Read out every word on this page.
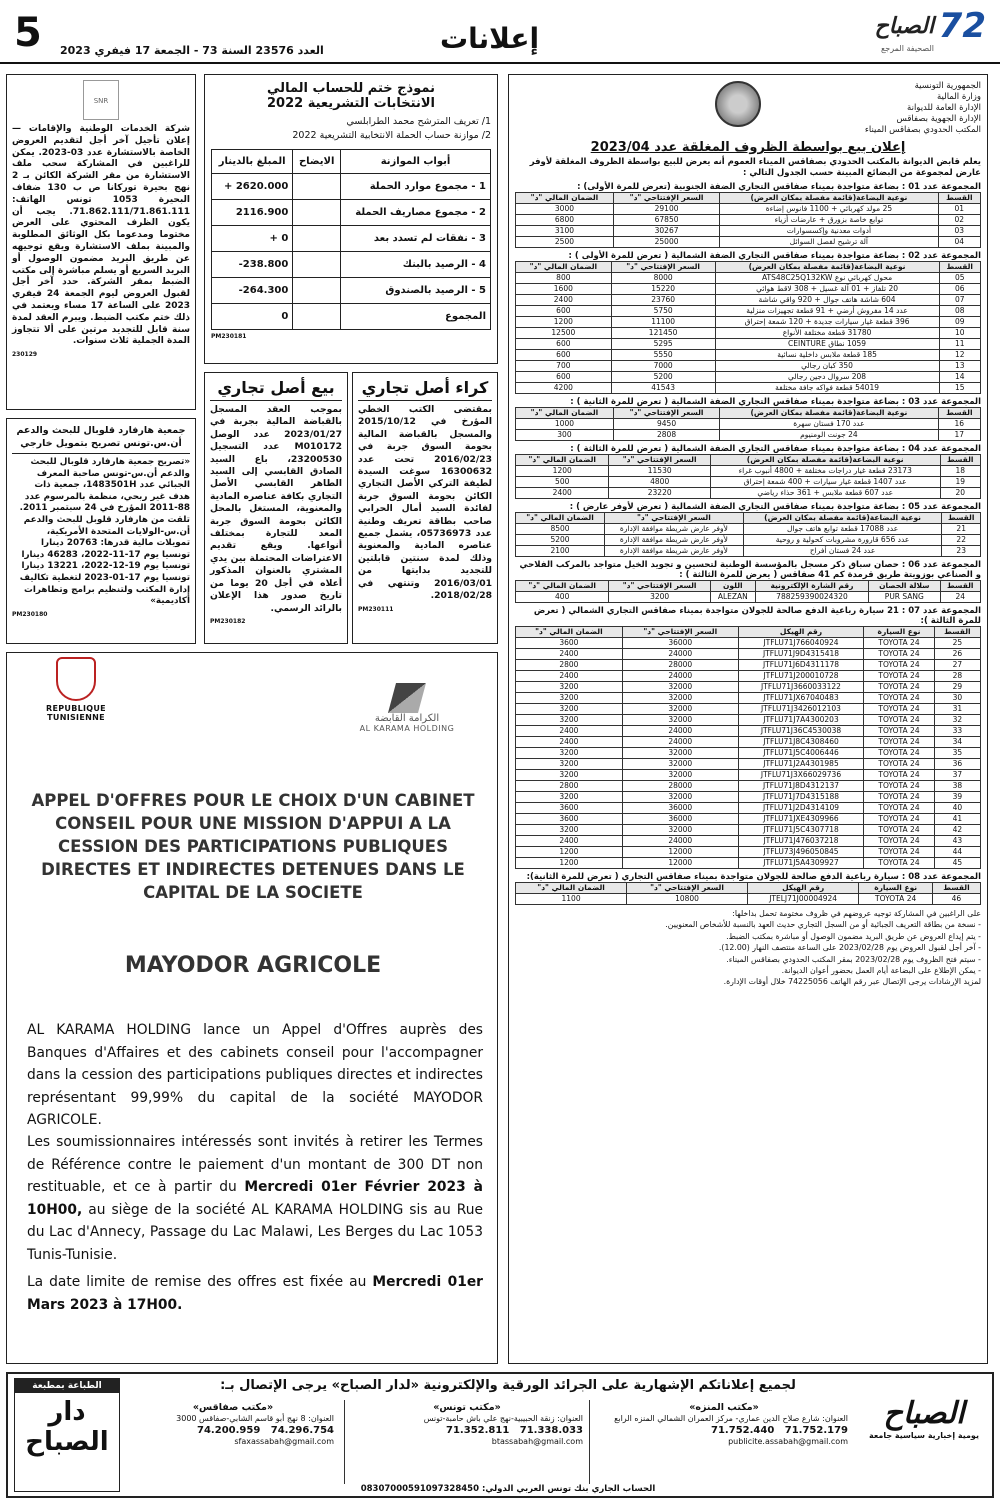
5 العدد 23576 السنة 73 - الجمعة 17 فيفري 2023	إعلانات	72
الصباح
الصحيفة المرجع
الجمهورية التونسية
وزارة المالية
الإدارة العامة للديوانة
الإدارة الجهوية بصفاقس
المكتب الحدودي بصفاقس الميناء
إعلان بيع بواسطة الظروف المغلقة عدد 2023/04
يعلم قابض الديوانة بالمكتب الحدودي بصفاقس الميناء العموم أنه يعرض للبيع بواسطة الظروف المغلقة لأوفر عارض لمجموعة من البضائع المبينة حسب الجدول التالي :
المجموعة عدد 01 : بضاعة متواجدة بميناء صفاقس التجاري الضفة الجنوبية (تعرض للمرة الأولى) :
القسط	نوعية البضاعة(قائمة مفصلة بمكان العرض)	السعر الإفتتاحي "د"	الضمان المالي "د"
01	25 مولد كهربائي + 1100 فانوس إضاءة	29100	3000
02	توابع خاصة بزورق + عارضات أزياء	67850	6800
03	أدوات معدنية وإكسسوارات	30267	3100
04	آلة ترشيح لفصل السوائل	25000	2500
المجموعة عدد 02 : بضاعة متواجدة بميناء صفاقس التجاري الضفة الشمالية ( تعرض للمرة الأولى ) :
القسط	نوعية البضاعة(قائمة مفصلة بمكان العرض)	السعر الإفتتاحي "د"	الضمان المالي "د"
05	محول كهربائي نوع ATS48C25Q132KW	8000	800
06	20 تلفاز + 01 آلة غسيل + 308 لاقط هوائي	15220	1600
07	604 شاشة هاتف جوال + 920 واقي شاشة	23760	2400
08	عدد 14 مفروش أرضي + 91 قطعة تجهيزات منزلية	5750	600
09	396 قطعة غيار سيارات جديدة + 120 شمعة إحتراق	11100	1200
10	31780 قطعة مختلفة الأنواع	121450	12500
11	1059 نطاق CEINTURE	5295	600
12	185 قطعة ملابس داخلية نسائية	5550	600
13	350 كبان رجالي	7000	700
14	208 سروال دجين رجالي	5200	600
15	54019 قطعة فواكه جافة مختلفة	41543	4200
المجموعة عدد 03 : بضاعة متواجدة بميناء صفاقس التجاري الضفة الشمالية ( تعرض للمرة الثانية ) :
القسط	نوعية البضاعة(قائمة مفصلة بمكان العرض)	السعر الإفتتاحي "د"	الضمان المالي "د"
16	عدد 170 فستان سهرة	9450	1000
17	24 جونت الومنيوم	2808	300
المجموعة عدد 04 : بضاعة متواجدة بميناء صفاقس التجاري الضفة الشمالية ( تعرض للمرة الثالثة ) :
القسط	نوعية البضاعة(قائمة مفصلة بمكان العرض)	السعر الإفتتاحي "د"	الضمان المالي "د"
18	23173 قطعة غيار دراجات مختلفة + 4800 أنبوب غراء	11530	1200
19	عدد 1407 قطعة غيار سيارات + 400 شمعة إحتراق	4800	500
20	عدد 607 قطعة ملابس + 361 حذاء رياضي	23220	2400
المجموعة عدد 05 : بضاعة متواجدة بميناء صفاقس التجاري الضفة الشمالية ( تعرض لأوفر عارض ) :
القسط	نوعية البضاعة(قائمة مفصلة بمكان العرض)	السعر الإفتتاحي "د"	الضمان المالي "د"
21	عدد 17088 قطعة توابع هاتف جوال	لأوفر عارض شريطة موافقة الإدارة	8500
22	عدد 656 قارورة مشروبات كحولية و روحية	لأوفر عارض شريطة موافقة الإدارة	5200
23	عدد 24 فستان أفراح	لأوفر عارض شريطة موافقة الإدارة	2100
المجموعة عدد 06 : حصان سباق ذكر مسجل بالمؤسسة الوطنية لتحسين و تجويد الخيل متواجد بالمركب الفلاحي و الصناعي بوزويتة طريق قرمدة كم 41 صفاقس ( يعرض للمرة الثالثة ) :
القسط	سلالة الحصان	رقم الشارة الإلكترونية	اللون	السعر الإفتتاحي "د"	الضمان المالي "د"
24	PUR SANG	788259390024320	ALEZAN	3200	400
المجموعة عدد 07 : 21 سيارة رباعية الدفع صالحة للجولان متواجدة بميناء صفاقس التجاري الشمالي ( تعرض للمرة الثالثة ):
القسط	نوع السيارة	رقم الهيكل	السعر الإفتتاحي "د"	الضمان المالي "د"
25	TOYOTA 24	JTFLU71J766040924	36000	3600
26	TOYOTA 24	JTFLU71J9D4315418	24000	2400
27	TOYOTA 24	JTFLU71J6D4311178	28000	2800
28	TOYOTA 24	JTFLU71J200010728	24000	2400
29	TOYOTA 24	JTFLU71J3660033122	32000	3200
30	TOYOTA 24	JTFLU71JX67040483	32000	3200
31	TOYOTA 24	JTFLU71J3426012103	32000	3200
32	TOYOTA 24	JTFLU71J7A4300203	32000	3200
33	TOYOTA 24	JTFLU71J36C4530038	24000	2400
34	TOYOTA 24	JTFLU71J8C4308460	24000	2400
35	TOYOTA 24	JTFLU71J5C4006446	32000	3200
36	TOYOTA 24	JTFLU71J2A4301985	32000	3200
37	TOYOTA 24	JTFLU71J3X66029736	32000	3200
38	TOYOTA 24	JTFLU71J8D4312137	28000	2800
39	TOYOTA 24	JTFLU71J7D4315188	32000	3200
40	TOYOTA 24	JTFLU71J2D4314109	36000	3600
41	TOYOTA 24	JTFLU71JXE4309966	36000	3600
42	TOYOTA 24	JTFLU71J5C4307718	32000	3200
43	TOYOTA 24	JTFLU71J476037218	24000	2400
44	TOYOTA 24	JTFLU73J496050845	12000	1200
45	TOYOTA 24	JTFLU71J5A4309927	12000	1200
المجموعة عدد 08 : سيارة رباعية الدفع صالحة للجولان متواجدة بميناء صفاقس التجاري ( تعرض للمرة الثانية):
القسط	نوع السيارة	رقم الهيكل	السعر الإفتتاحي "د"	الضمان المالي "د"
46	TOYOTA 24	JTELJ71J00004924	10800	1100

على الراغبين في المشاركة توجيه عروضهم في ظروف مختومة تحمل بداخلها:

- نسخة من بطاقة التعريف الجبائية أو من السجل التجاري حديث العهد بالنسبة للأشخاص المعنويين.

- يتم إيداع العروض عن طريق البريد مضمون الوصول أو مباشرة بمكتب الضبط.

- آخر أجل لقبول العروض يوم 2023/02/28 على الساعة منتصف النهار (12.00).

- سيتم فتح الظروف يوم 2023/02/28 بمقر المكتب الحدودي بصفاقس الميناء.

- يمكن الإطلاع على البضاعة أيام العمل بحضور أعوان الديوانة.

لمزيد الإرشادات يرجى الإتصال عبر رقم الهاتف 74225056 خلال أوقات الإدارة.

نموذج ختم للحساب المالي
الانتخابات التشريعية 2022
1/ تعريف المترشح محمد الطرابلسي
2/ موازنة حساب الحملة الانتخابية التشريعية 2022
أبواب الموازنة	الايضاح	المبلغ بالدينار
1 - مجموع موارد الحملة		2620.000 +
2 - مجموع مصاريف الحملة		2116.900
3 - نفقات لم تسدد بعد		0 +
4 - الرصيد بالبنك		238.800-
5 - الرصيد بالصندوق		264.300-
المجموع		0
PM230181
كراء أصل تجاري
بمقتضى الكتب الخطي المؤرخ في 2015/10/12 والمسجل بالقباضة المالية بحومة السوق جربة في 2016/02/23 تحت عدد 16300632 سوغت السيدة لطيفة التركي الأصل التجاري الكائن بحومة السوق جربة لفائدة السيد أمال الحرابي صاحب بطاقة تعريف وطنية عدد 05736973، يشمل جميع عناصره المادية والمعنوية وذلك لمدة سنتين قابلتين للتجديد بدايتها من 2016/03/01 وتنتهي في 2018/02/28.
PM230111
بيع أصل تجاري
بموجب العقد المسجل بالقباضة المالية بجربة في 2023/01/27 عدد الوصل M010172 عدد التسجيل 23200530، باع السيد الصادق القابسي إلى السيد الطاهر القابسي الأصل التجاري بكافة عناصره المادية والمعنوية، المستغل بالمحل الكائن بحومة السوق جربة المعد للتجارة بمختلف أنواعها. ويقع تقديم الاعتراضات المحتملة بين يدي المشتري بالعنوان المذكور أعلاه في أجل 20 يوما من تاريخ صدور هذا الإعلان بالرائد الرسمي.
PM230182
SNR
شركة الخدمات الوطنية والإقامات — إعلان تأجيل آخر أجل لتقديم العروض الخاصة بالاستشارة عدد 03-2023. يمكن للراغبين في المشاركة سحب ملف الاستشارة من مقر الشركة الكائن بـ 2 نهج بحيرة توركانا ص ب 130 ضفاف البحيرة 1053 تونس الهاتف: 71.862.111/71.861.111. يجب أن يكون الظرف المحتوي على العرض مختوما ومدعوما بكل الوثائق المطلوبة والمبينة بملف الاستشارة ويقع توجيهه عن طريق البريد مضمون الوصول أو البريد السريع أو يسلم مباشرة إلى مكتب الضبط بمقر الشركة. حدد آخر أجل لقبول العروض ليوم الجمعة 24 فيفري 2023 على الساعة 17 مساء ويعتمد في ذلك ختم مكتب الضبط. ويبرم العقد لمدة سنة قابل للتجديد مرتين على ألا تتجاوز المدة الجملية ثلاث سنوات.
230129
جمعية هارفارد قلوبال للبحث والدعم أن.س.تونس تصريح بتمويل خارجي
«تصريح جمعية هارفارد قلوبال للبحث والدعم أن.س-تونس صاحبة المعرف الجبائي عدد 1483501H، جمعية ذات هدف غير ربحي، منظمة بالمرسوم عدد 88-2011 المؤرخ في 24 سبتمبر 2011. تلقت من هارفارد قلوبل للبحث والدعم أن.س-الولايات المتحدة الأمريكية، تمويلات مالية قدرها: 20763 دينارا تونسيا يوم 17-11-2022، 46283 دينارا تونسيا يوم 19-12-2022، 13221 دينارا تونسيا يوم 17-01-2023 لتغطية تكاليف إدارة المكتب ولتنظيم برامج وتظاهرات أكاديمية»
PM230180
REPUBLIQUE TUNISIENNE	الكرامة القابضة
AL KARAMA HOLDING
APPEL D'OFFRES POUR LE CHOIX D'UN CABINET CONSEIL POUR UNE MISSION D'APPUI A LA CESSION DES PARTICIPATIONS PUBLIQUES DIRECTES ET INDIRECTES DETENUES DANS LE CAPITAL DE LA SOCIETE
MAYODOR AGRICOLE
AL KARAMA HOLDING lance un Appel d'Offres auprès des Banques d'Affaires et des cabinets conseil pour l'accompagner dans la cession des participations publiques directes et indirectes représentant 99,99% du capital de la société MAYODOR AGRICOLE.
Les soumissionnaires intéressés sont invités à retirer les Termes de Référence contre le paiement d'un montant de 300 DT non restituable, et ce à partir du Mercredi 01er Février 2023 à 10H00, au siège de la société AL KARAMA HOLDING sis au Rue du Lac d'Annecy, Passage du Lac Malawi, Les Berges du Lac 1053 Tunis-Tunisie.
La date limite de remise des offres est fixée au Mercredi 01er Mars 2023 à 17H00.
لجميع إعلاناتكم الإشهارية على الجرائد الورقية والإلكترونية «لدار الصباح» يرجى الإتصال بـ:
الصباح
يومية إخبارية سياسية جامعة
«مكتب المنزه»
العنوان: شارع صلاح الدين عماري- مركز العمران الشمالي المنزه الرابع
71.752.179   71.752.440
publicite.assabah@gmail.com
«مكتب تونس»
العنوان: زنقة الحبيبية-نهج علي باش حامبة-تونس
71.338.033   71.352.811
btassabah@gmail.com
«مكتب صفاقس»
العنوان: 8 نهج أبو قاسم الشابي-صفاقس 3000
74.296.754   74.200.959
sfaxassabah@gmail.com
الطباعة بمطبعة
دار الصباح
الحساب الجاري بنك تونس العربي الدولي: 08307000591097328450
